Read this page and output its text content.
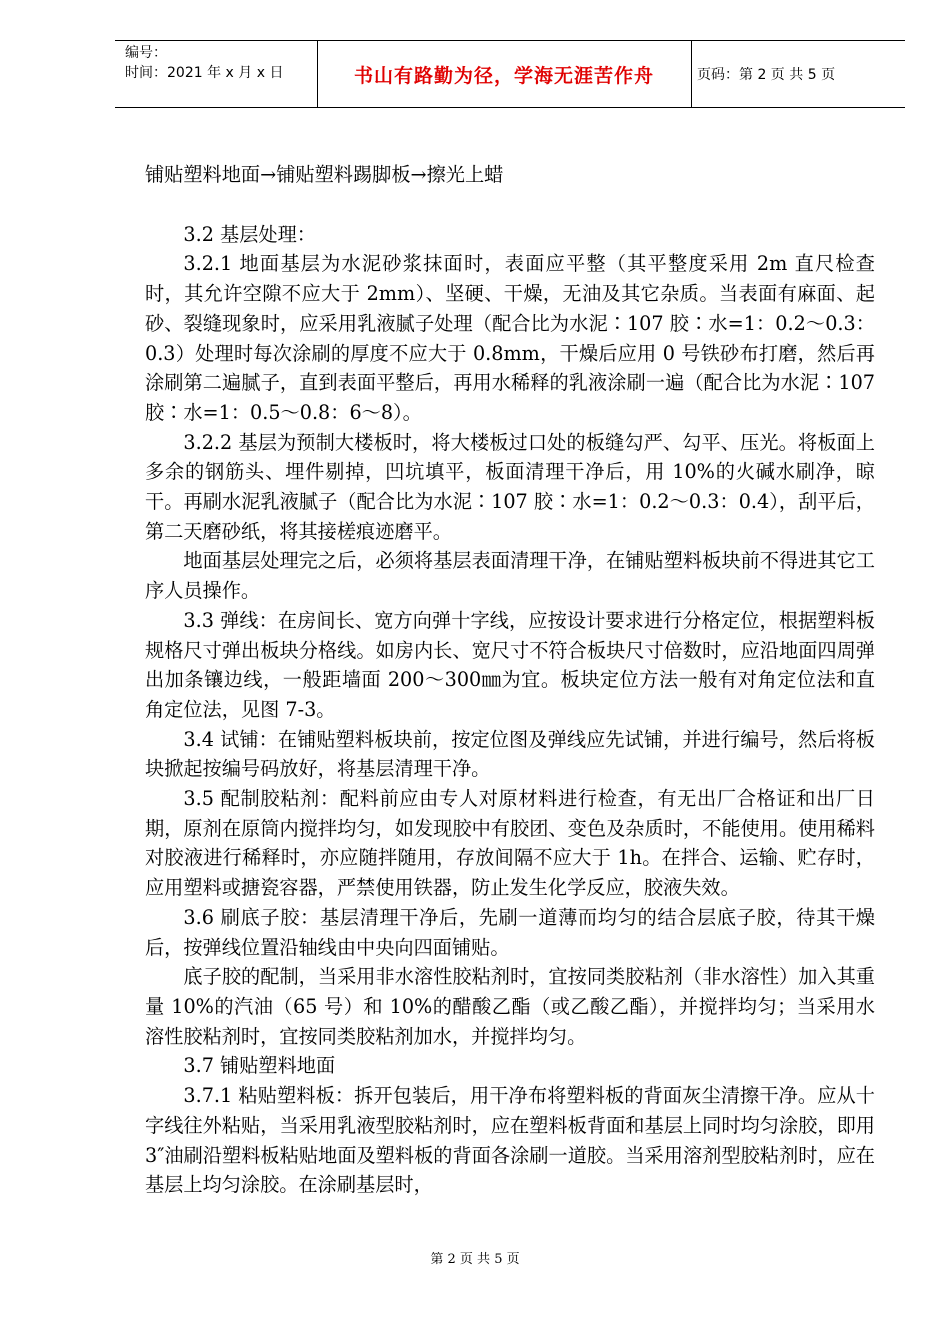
编号：
时间：2021 年 x 月 x 日	书山有路勤为径，学海无涯苦作舟	页码：第 2 页 共 5 页

铺贴塑料地面→铺贴塑料踢脚板→擦光上蜡

3.2 基层处理：

3.2.1 地面基层为水泥砂浆抹面时，表面应平整（其平整度采用 2m 直尺检查时，其允许空隙不应大于 2mm）、坚硬、干燥，无油及其它杂质。当表面有麻面、起砂、裂缝现象时，应采用乳液腻子处理（配合比为水泥∶107 胶∶水=1：0.2～0.3：0.3）处理时每次涂刷的厚度不应大于 0.8mm，干燥后应用 0 号铁砂布打磨，然后再涂刷第二遍腻子，直到表面平整后，再用水稀释的乳液涂刷一遍（配合比为水泥∶107 胶∶水=1：0.5～0.8：6～8）。

3.2.2 基层为预制大楼板时，将大楼板过口处的板缝勾严、勾平、压光。将板面上多余的钢筋头、埋件剔掉，凹坑填平，板面清理干净后，用 10%的火碱水刷净，晾干。再刷水泥乳液腻子（配合比为水泥∶107 胶∶水=1：0.2～0.3：0.4），刮平后，第二天磨砂纸，将其接槎痕迹磨平。

地面基层处理完之后，必须将基层表面清理干净，在铺贴塑料板块前不得进其它工序人员操作。

3.3 弹线：在房间长、宽方向弹十字线，应按设计要求进行分格定位，根据塑料板规格尺寸弹出板块分格线。如房内长、宽尺寸不符合板块尺寸倍数时，应沿地面四周弹出加条镶边线，一般距墙面 200～300㎜为宜。板块定位方法一般有对角定位法和直角定位法，见图 7-3。

3.4 试铺：在铺贴塑料板块前，按定位图及弹线应先试铺，并进行编号，然后将板块掀起按编号码放好，将基层清理干净。

3.5 配制胶粘剂：配料前应由专人对原材料进行检查，有无出厂合格证和出厂日期，原剂在原筒内搅拌均匀，如发现胶中有胶团、变色及杂质时，不能使用。使用稀料对胶液进行稀释时，亦应随拌随用，存放间隔不应大于 1h。在拌合、运输、贮存时，应用塑料或搪瓷容器，严禁使用铁器，防止发生化学反应，胶液失效。

3.6 刷底子胶：基层清理干净后，先刷一道薄而均匀的结合层底子胶，待其干燥后，按弹线位置沿轴线由中央向四面铺贴。

底子胶的配制，当采用非水溶性胶粘剂时，宜按同类胶粘剂（非水溶性）加入其重量 10%的汽油（65 号）和 10%的醋酸乙酯（或乙酸乙酯），并搅拌均匀；当采用水溶性胶粘剂时，宜按同类胶粘剂加水，并搅拌均匀。

3.7 铺贴塑料地面

3.7.1 粘贴塑料板：拆开包装后，用干净布将塑料板的背面灰尘清擦干净。应从十字线往外粘贴，当采用乳液型胶粘剂时，应在塑料板背面和基层上同时均匀涂胶，即用 3″油刷沿塑料板粘贴地面及塑料板的背面各涂刷一道胶。当采用溶剂型胶粘剂时，应在基层上均匀涂胶。在涂刷基层时，

第 2 页 共 5 页
